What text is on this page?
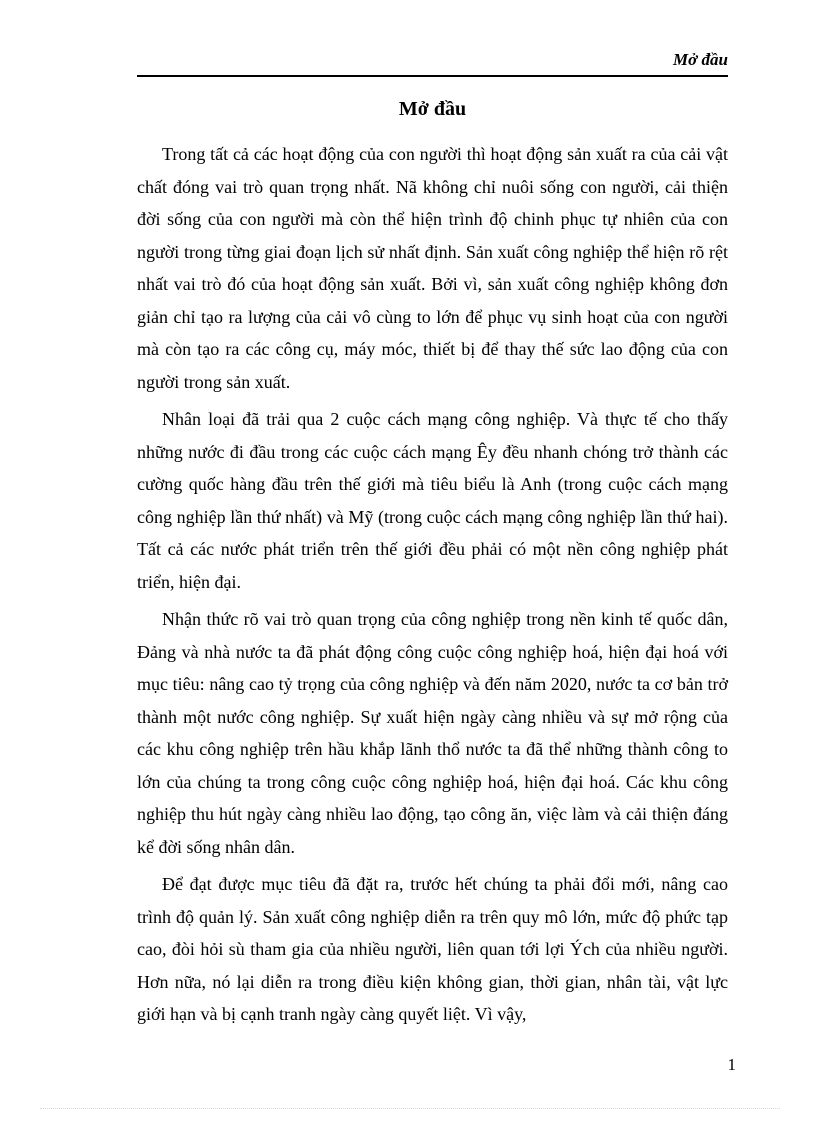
Mở đầu
Mở đầu

Trong tất cả các hoạt động của con người thì hoạt động sản xuất ra của cải vật chất đóng vai trò quan trọng nhất. Nã không chỉ nuôi sống con người, cải thiện đời sống của con người mà còn thể hiện trình độ chinh phục tự nhiên của con người trong từng giai đoạn lịch sử nhất định. Sản xuất công nghiệp thể hiện rõ rệt nhất vai trò đó của hoạt động sản xuất. Bởi vì, sản xuất công nghiệp không đơn giản chỉ tạo ra lượng của cải vô cùng to lớn để phục vụ sinh hoạt của con người mà còn tạo ra các công cụ, máy móc, thiết bị để thay thế sức lao động của con người trong sản xuất.

Nhân loại đã trải qua 2 cuộc cách mạng công nghiệp. Và thực tế cho thấy những nước đi đầu trong các cuộc cách mạng Êy đều nhanh chóng trở thành các cường quốc hàng đầu trên thế giới mà tiêu biểu là Anh (trong cuộc cách mạng công nghiệp lần thứ nhất) và Mỹ (trong cuộc cách mạng công nghiệp lần thứ hai). Tất cả các nước phát triển trên thế giới đều phải có một nền công nghiệp phát triển, hiện đại.

Nhận thức rõ vai trò quan trọng của công nghiệp trong nền kinh tế quốc dân, Đảng và nhà nước ta đã phát động công cuộc công nghiệp hoá, hiện đại hoá với mục tiêu: nâng cao tỷ trọng của công nghiệp và đến năm 2020, nước ta cơ bản trở thành một nước công nghiệp. Sự xuất hiện ngày càng nhiều và sự mở rộng của các khu công nghiệp trên hầu khắp lãnh thổ nước ta đã thể những thành công to lớn của chúng ta trong công cuộc công nghiệp hoá, hiện đại hoá. Các khu công nghiệp thu hút ngày càng nhiều lao động, tạo công ăn, việc làm và cải thiện đáng kể đời sống nhân dân.

Để đạt được mục tiêu đã đặt ra, trước hết chúng ta phải đổi mới, nâng cao trình độ quản lý. Sản xuất công nghiệp diễn ra trên quy mô lớn, mức độ phức tạp cao, đòi hỏi sù tham gia của nhiều người, liên quan tới lợi Ých của nhiều người. Hơn nữa, nó lại diễn ra trong điều kiện không gian, thời gian, nhân tài, vật lực giới hạn và bị cạnh tranh ngày càng quyết liệt. Vì vậy,

1
